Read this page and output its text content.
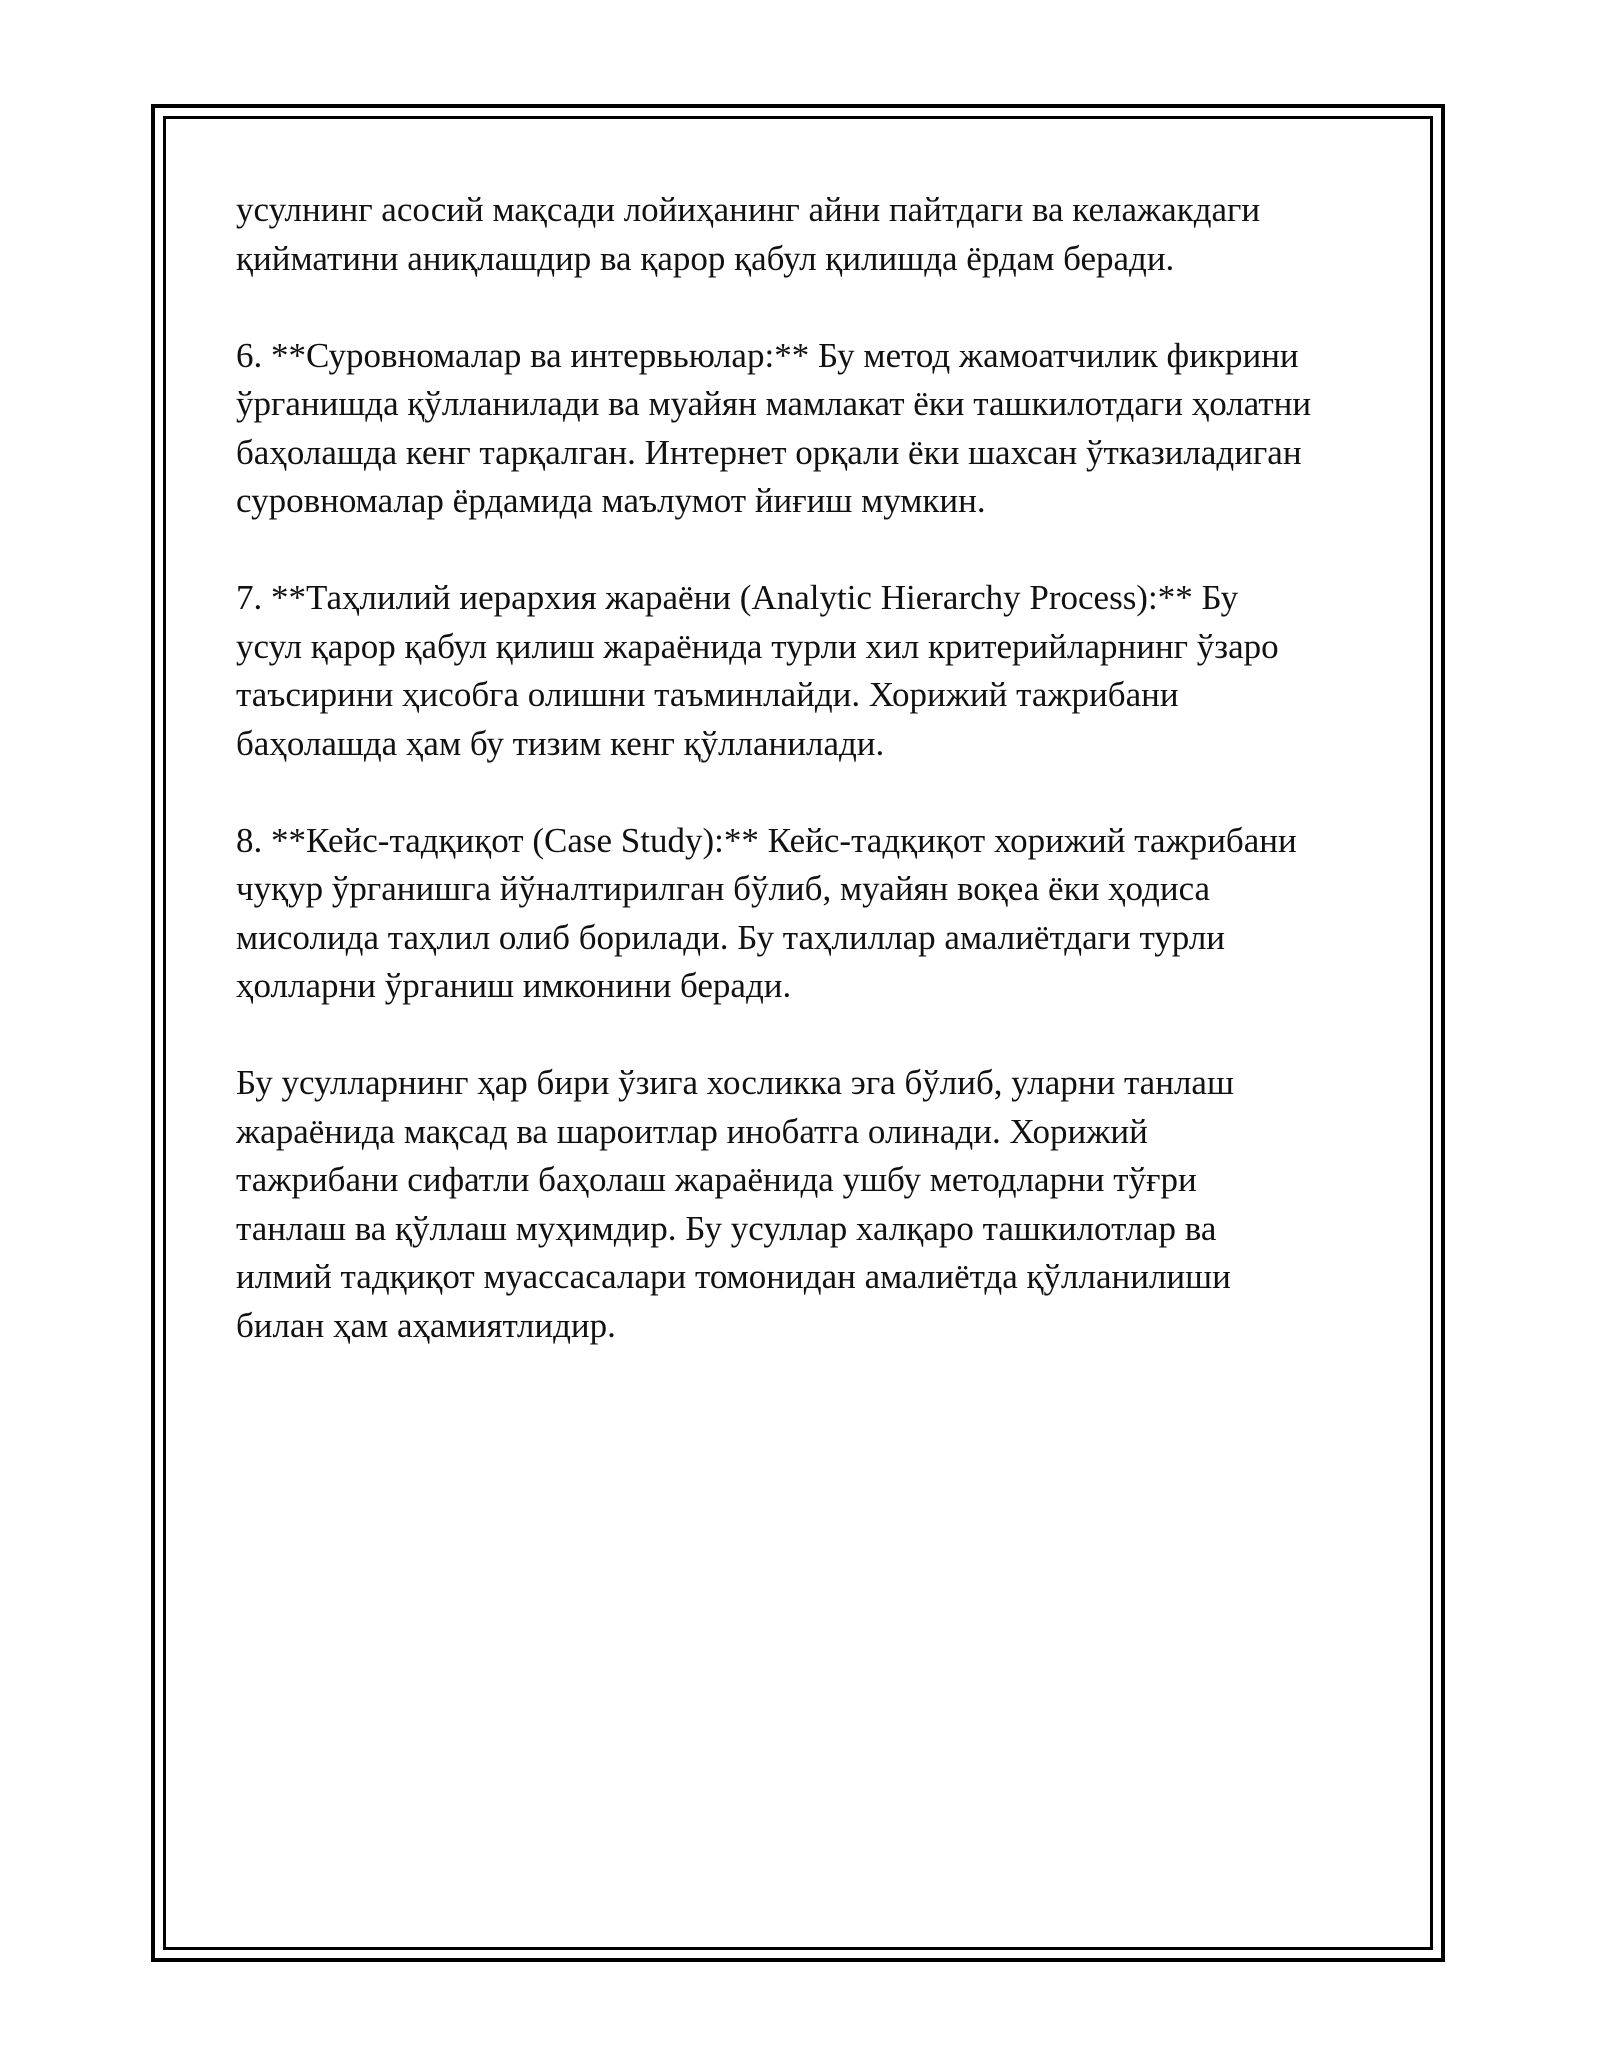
усулнинг асосий мақсади лойиҳанинг айни пайтдаги ва келажакдаги
қийматини аниқлашдир ва қарор қабул қилишда ёрдам беради.

6. **Суровномалар ва интервьюлар:** Бу метод жамоатчилик фикрини
ўрганишда қўлланилади ва муайян мамлакат ёки ташкилотдаги ҳолатни
баҳолашда кенг тарқалган. Интернет орқали ёки шахсан ўтказиладиган
суровномалар ёрдамида маълумот йиғиш мумкин.

7. **Таҳлилий иерархия жараёни (Analytic Hierarchy Process):** Бу
усул қарор қабул қилиш жараёнида турли хил критерийларнинг ўзаро
таъсирини ҳисобга олишни таъминлайди. Хорижий тажрибани
баҳолашда ҳам бу тизим кенг қўлланилади.

8. **Кейс-тадқиқот (Case Study):** Кейс-тадқиқот хорижий тажрибани
чуқур ўрганишга йўналтирилган бўлиб, муайян воқеа ёки ҳодиса
мисолида таҳлил олиб борилади. Бу таҳлиллар амалиётдаги турли
ҳолларни ўрганиш имконини беради.

Бу усулларнинг ҳар бири ўзига хосликка эга бўлиб, уларни танлаш
жараёнида мақсад ва шароитлар инобатга олинади. Хорижий
тажрибани сифатли баҳолаш жараёнида ушбу методларни тўғри
танлаш ва қўллаш муҳимдир. Бу усуллар халқаро ташкилотлар ва
илмий тадқиқот муассасалари томонидан амалиётда қўлланилиши
билан ҳам аҳамиятлидир.
